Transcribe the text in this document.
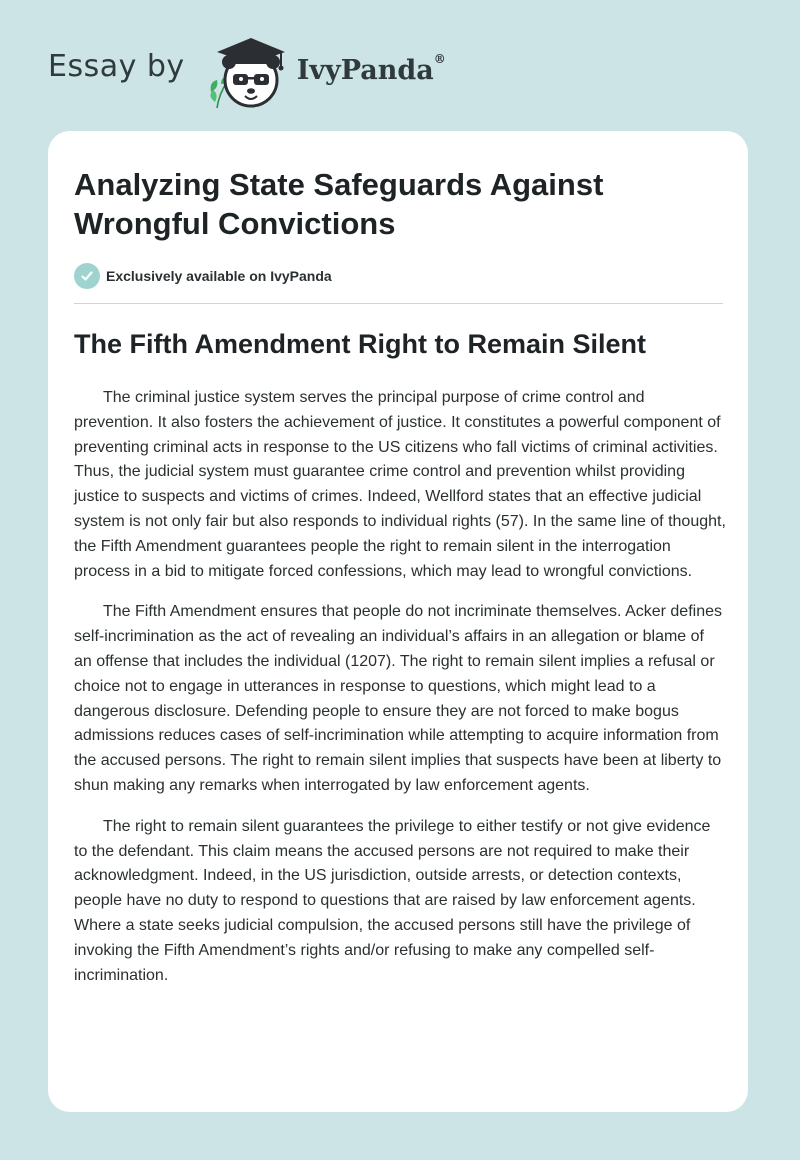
Essay by	IvyPanda®
Analyzing State Safeguards Against Wrongful Convictions
Exclusively available on IvyPanda
The Fifth Amendment Right to Remain Silent

The criminal justice system serves the principal purpose of crime control and prevention. It also fosters the achievement of justice. It constitutes a powerful component of preventing criminal acts in response to the US citizens who fall victims of criminal activities. Thus, the judicial system must guarantee crime control and prevention whilst providing justice to suspects and victims of crimes. Indeed, Wellford states that an effective judicial system is not only fair but also responds to individual rights (57). In the same line of thought, the Fifth Amendment guarantees people the right to remain silent in the interrogation process in a bid to mitigate forced confessions, which may lead to wrongful convictions.

The Fifth Amendment ensures that people do not incriminate themselves. Acker defines self-incrimination as the act of revealing an individual’s affairs in an allegation or blame of an offense that includes the individual (1207). The right to remain silent implies a refusal or choice not to engage in utterances in response to questions, which might lead to a dangerous disclosure. Defending people to ensure they are not forced to make bogus admissions reduces cases of self-incrimination while attempting to acquire information from the accused persons. The right to remain silent implies that suspects have been at liberty to shun making any remarks when interrogated by law enforcement agents.

The right to remain silent guarantees the privilege to either testify or not give evidence to the defendant. This claim means the accused persons are not required to make their acknowledgment. Indeed, in the US jurisdiction, outside arrests, or detection contexts, people have no duty to respond to questions that are raised by law enforcement agents. Where a state seeks judicial compulsion, the accused persons still have the privilege of invoking the Fifth Amendment’s rights and/or refusing to make any compelled self-incrimination.
